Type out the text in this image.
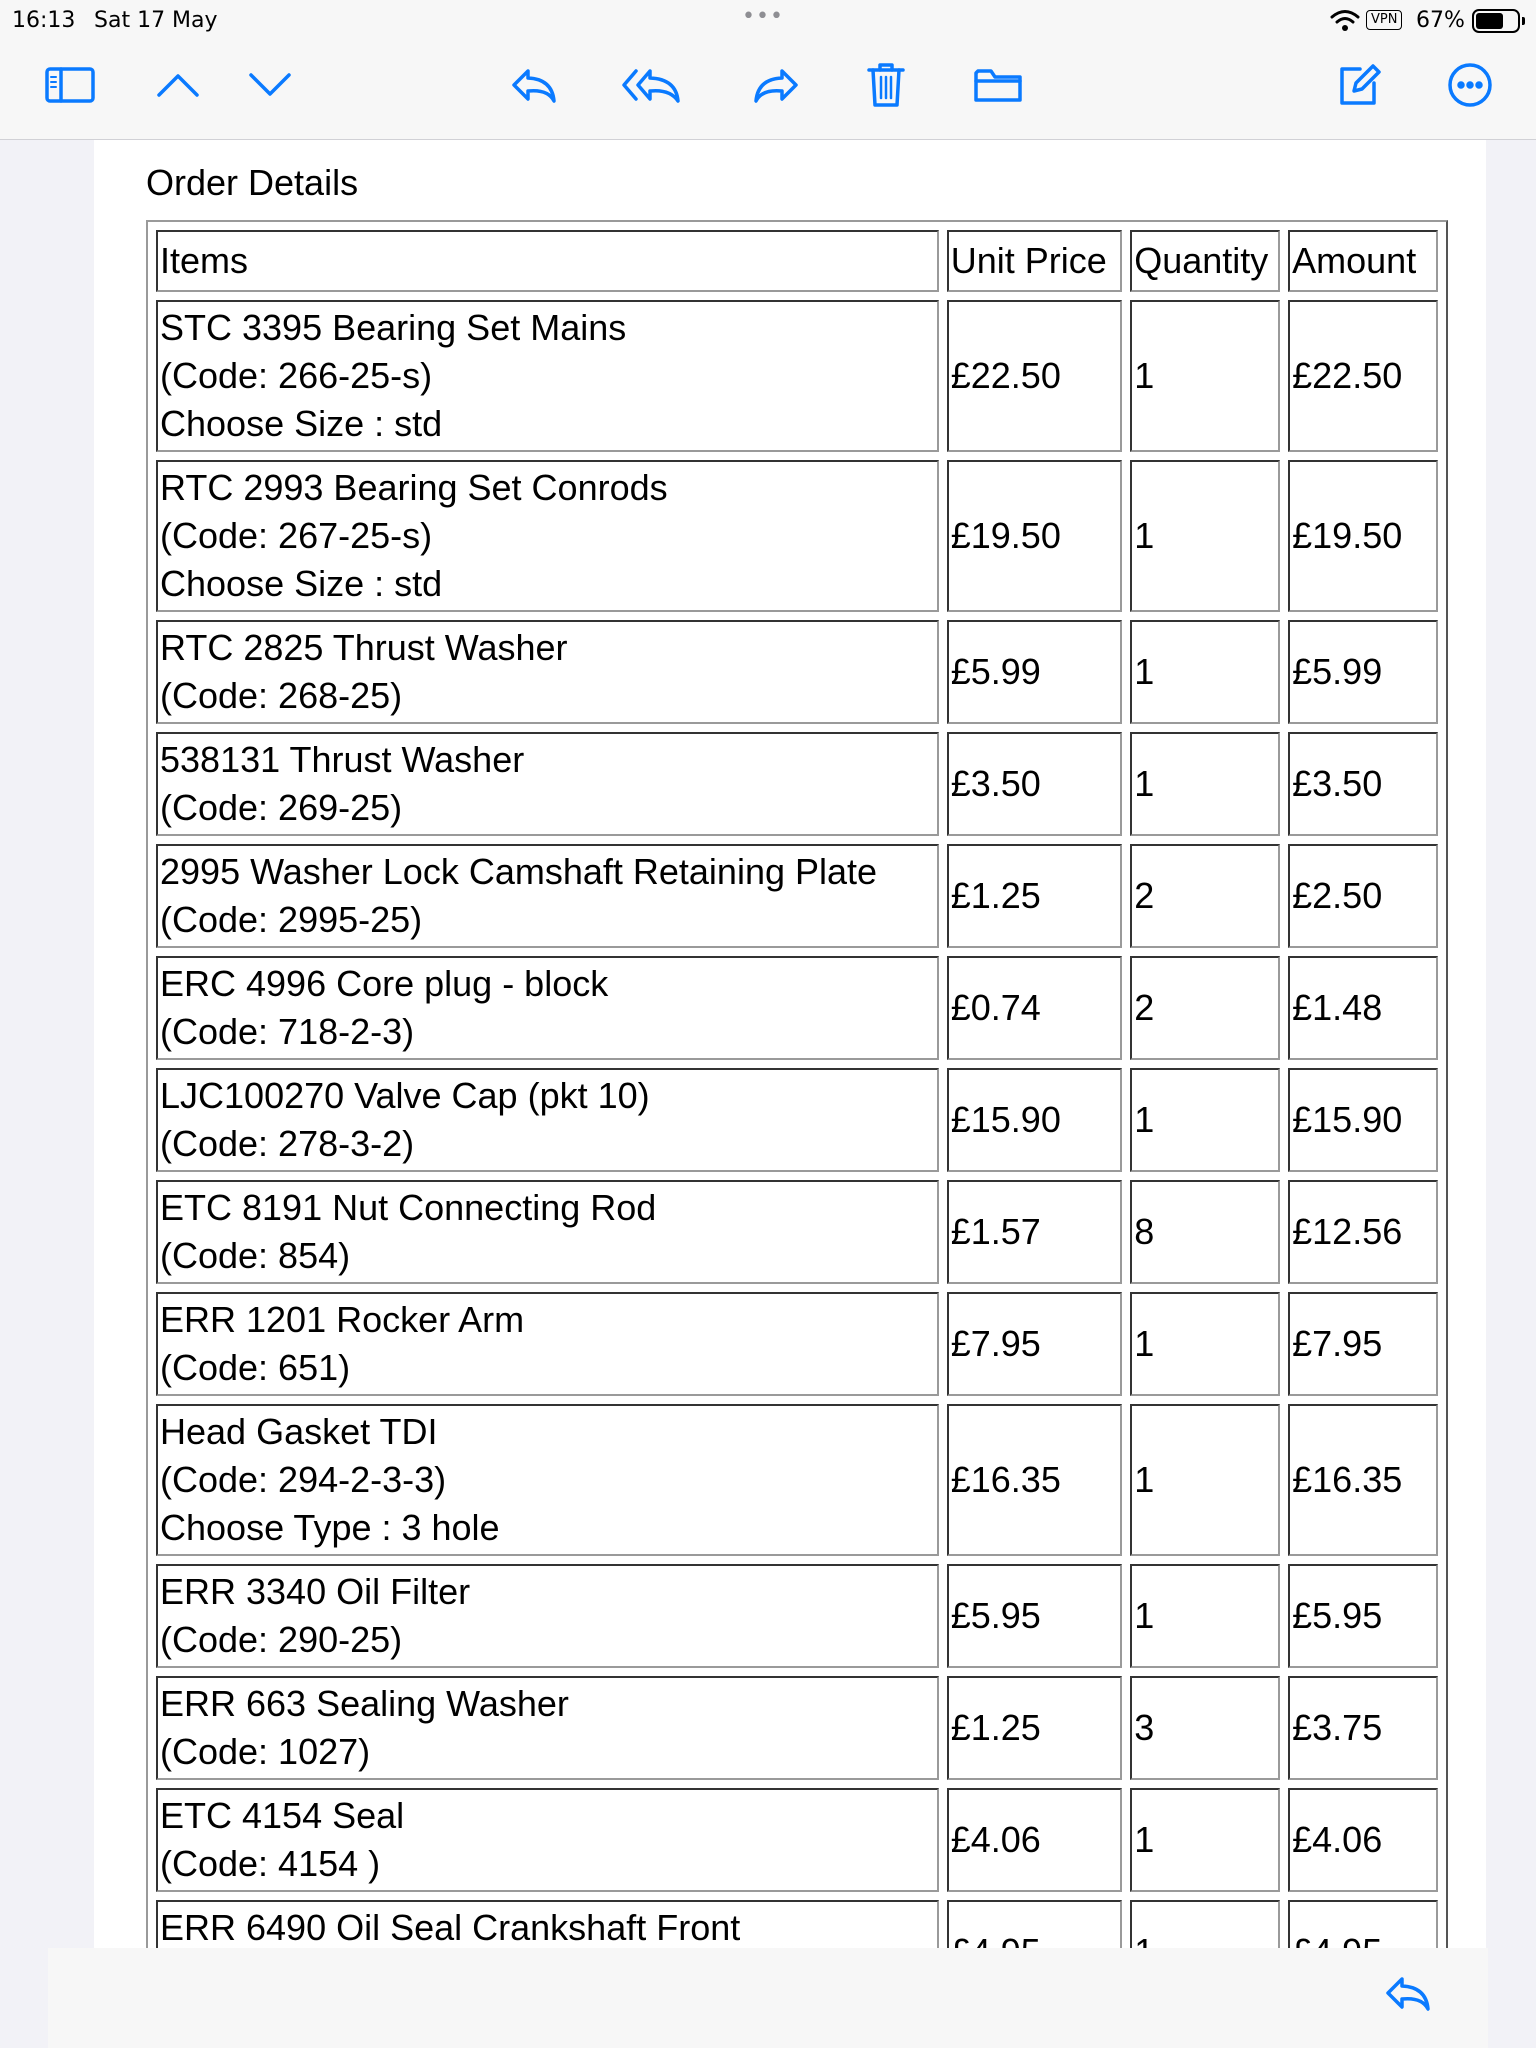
16:13 Sat 17 May	•••	VPN 67%
Order Details
Items	Unit Price	Quantity	Amount

STC 3395 Bearing Set Mains
(Code: 266-25-s)
Choose Size : std	£22.50	1	£22.50

RTC 2993 Bearing Set Conrods
(Code: 267-25-s)
Choose Size : std	£19.50	1	£19.50

RTC 2825 Thrust Washer
(Code: 268-25)	£5.99	1	£5.99

538131 Thrust Washer
(Code: 269-25)	£3.50	1	£3.50

2995 Washer Lock Camshaft Retaining Plate
(Code: 2995-25)	£1.25	2	£2.50

ERC 4996 Core plug - block
(Code: 718-2-3)	£0.74	2	£1.48

LJC100270 Valve Cap (pkt 10)
(Code: 278-3-2)	£15.90	1	£15.90

ETC 8191 Nut Connecting Rod
(Code: 854)	£1.57	8	£12.56

ERR 1201 Rocker Arm
(Code: 651)	£7.95	1	£7.95

Head Gasket TDI
(Code: 294-2-3-3)
Choose Type : 3 hole	£16.35	1	£16.35

ERR 3340 Oil Filter
(Code: 290-25)	£5.95	1	£5.95

ERR 663 Sealing Washer
(Code: 1027)	£1.25	3	£3.75

ETC 4154 Seal
(Code: 4154 )	£4.06	1	£4.06

ERR 6490 Oil Seal Crankshaft Front
